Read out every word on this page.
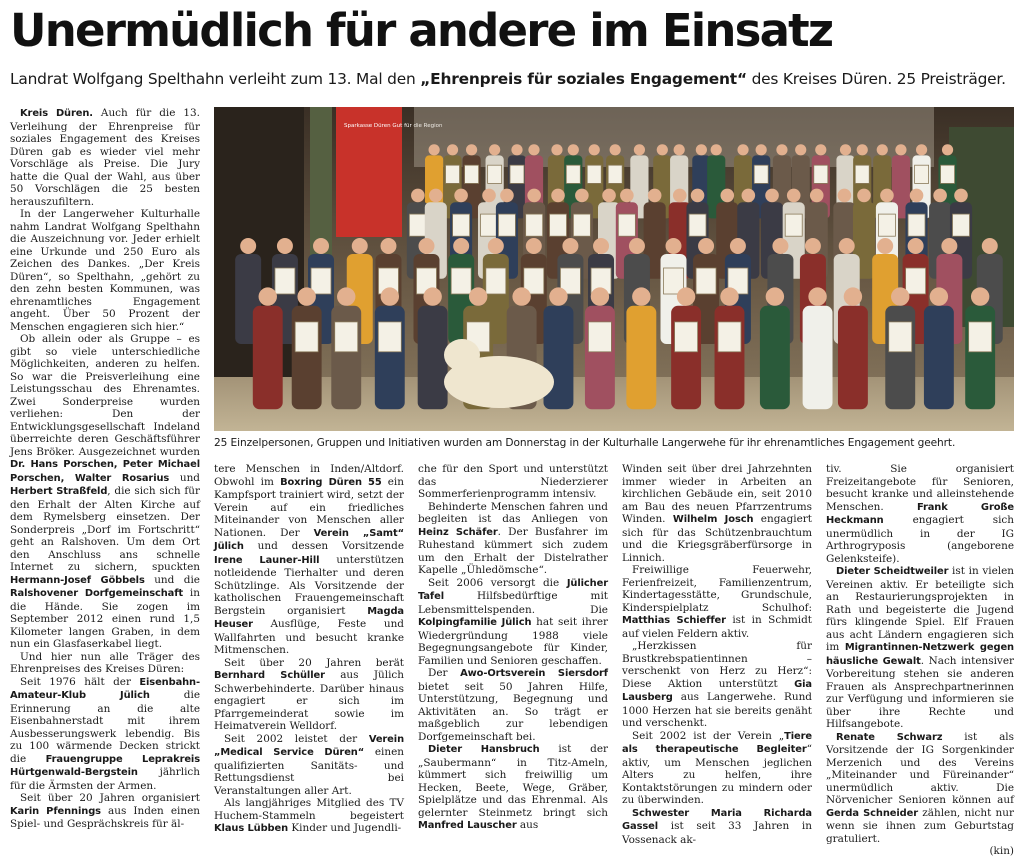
Unermüdlich für andere im Einsatz
Landrat Wolfgang Spelthahn verleiht zum 13. Mal den „Ehrenpreis für soziales Engagement“ des Kreises Düren. 25 Preisträger.
Sparkasse Düren Gut für die Region
25 Einzelpersonen, Gruppen und Initiativen wurden am Donnerstag in der Kulturhalle Langerwehe für ihr ehrenamtliches Engagement geehrt.

Kreis Düren. Auch für die 13. Verleihung der Ehrenpreise für soziales Engagement des Kreises Düren gab es wieder viel mehr Vorschläge als Preise. Die Jury hatte die Qual der Wahl, aus über 50 Vorschlägen die 25 besten herauszufiltern.

In der Langerweher Kulturhalle nahm Landrat Wolfgang Spelthahn die Auszeichnung vor. Jeder erhielt eine Urkunde und 250 Euro als Zeichen des Dankes. „Der Kreis Düren“, so Spelthahn, „gehört zu den zehn besten Kommunen, was ehrenamtliches Engagement angeht. Über 50 Prozent der Menschen engagieren sich hier.“

Ob allein oder als Gruppe – es gibt so viele unterschiedliche Möglichkeiten, anderen zu helfen. So war die Preisverleihung eine Leistungsschau des Ehrenamtes. Zwei Sonderpreise wurden verliehen: Den der Entwicklungsgesellschaft Indeland überreichte deren Geschäftsführer Jens Bröker. Ausgezeichnet wurden Dr. Hans Porschen, Peter Michael Porschen, Walter Rosarius und Herbert Straßfeld, die sich sich für den Erhalt der Alten Kirche auf dem Rymelsberg einsetzen. Der Sonderpreis „Dorf im Fortschritt“ geht an Ralshoven. Um dem Ort den Anschluss ans schnelle Internet zu sichern, spuckten Hermann-Josef Göbbels und die Ralshovener Dorfgemeinschaft in die Hände. Sie zogen im September 2012 einen rund 1,5 Kilometer langen Graben, in dem nun ein Glasfaserkabel liegt.

Und hier nun alle Träger des Ehrenpreises des Kreises Düren:

Seit 1976 hält der Eisenbahn-Amateur-Klub Jülich die Erinnerung an die alte Eisenbahnerstadt mit ihrem Ausbesserungswerk lebendig. Bis zu 100 wärmende Decken strickt die Frauengruppe Leprakreis Hürtgenwald-Bergstein jährlich für die Ärmsten der Armen.

Seit über 20 Jahren organisiert Karin Pfennings aus Inden einen Spiel- und Gesprächskreis für äl-

tere Menschen in Inden/Altdorf. Obwohl im Boxring Düren 55 ein Kampfsport trainiert wird, setzt der Verein auf ein friedliches Miteinander von Menschen aller Nationen. Der Verein „Samt“ Jülich und dessen Vorsitzende Irene Launer-Hill unterstützen notleidende Tierhalter und deren Schützlinge. Als Vorsitzende der katholischen Frauengemeinschaft Bergstein organisiert Magda Heuser Ausflüge, Feste und Wallfahrten und besucht kranke Mitmenschen.

Seit über 20 Jahren berät Bernhard Schüller aus Jülich Schwerbehinderte. Darüber hinaus engagiert er sich im Pfarrgemeinderat sowie im Heimatverein Welldorf.

Seit 2002 leistet der Verein „Medical Service Düren“ einen qualifizierten Sanitäts- und Rettungsdienst bei Veranstaltungen aller Art.

Als langjähriges Mitglied des TV Huchem-Stammeln begeistert Klaus Lübben Kinder und Jugendli-

che für den Sport und unterstützt das Niederzierer Sommerferienprogramm intensiv.

Behinderte Menschen fahren und begleiten ist das Anliegen von Heinz Schäfer. Der Busfahrer im Ruhestand kümmert sich zudem um den Erhalt der Distelrather Kapelle „Ühledömsche“.

Seit 2006 versorgt die Jülicher Tafel Hilfsbedürftige mit Lebensmittelspenden. Die Kolpingfamilie Jülich hat seit ihrer Wiedergründung 1988 viele Begegnungsangebote für Kinder, Familien und Senioren geschaffen.

Der Awo-Ortsverein Siersdorf bietet seit 50 Jahren Hilfe, Unterstützung, Begegnung und Aktivitäten an. So trägt er maßgeblich zur lebendigen Dorfgemeinschaft bei.

Dieter Hansbruch ist der „Saubermann“ in Titz-Ameln, kümmert sich freiwillig um Hecken, Beete, Wege, Gräber, Spielplätze und das Ehrenmal. Als gelernter Steinmetz bringt sich Manfred Lauscher aus

Winden seit über drei Jahrzehnten immer wieder in Arbeiten an kirchlichen Gebäude ein, seit 2010 am Bau des neuen Pfarrzentrums Winden. Wilhelm Josch engagiert sich für das Schützenbrauchtum und die Kriegsgräberfürsorge in Linnich.

Freiwillige Feuerwehr, Ferienfreizeit, Familienzentrum, Kindertagesstätte, Grundschule, Kinderspielplatz Schulhof: Matthias Schieffer ist in Schmidt auf vielen Feldern aktiv.

„Herzkissen für Brustkrebspatientinnen – verschenkt von Herz zu Herz“: Diese Aktion unterstützt Gia Lausberg aus Langerwehe. Rund 1000 Herzen hat sie bereits genäht und verschenkt.

Seit 2002 ist der Verein „Tiere als therapeutische Begleiter“ aktiv, um Menschen jeglichen Alters zu helfen, ihre Kontaktstörungen zu mindern oder zu überwinden.

Schwester Maria Richarda Gassel ist seit 33 Jahren in Vossenack ak-

tiv. Sie organisiert Freizeitangebote für Senioren, besucht kranke und alleinstehende Menschen. Frank Große Heckmann engagiert sich unermüdlich in der IG Arthrogryposis (angeborene Gelenksteife).

Dieter Scheidtweiler ist in vielen Vereinen aktiv. Er beteiligte sich an Restaurierungsprojekten in Rath und begeisterte die Jugend fürs klingende Spiel. Elf Frauen aus acht Ländern engagieren sich im Migrantinnen-Netzwerk gegen häusliche Gewalt. Nach intensiver Vorbereitung stehen sie anderen Frauen als Ansprechpartnerinnen zur Verfügung und informieren sie über ihre Rechte und Hilfsangebote.

Renate Schwarz ist als Vorsitzende der IG Sorgenkinder Merzenich und des Vereins „Miteinander und Füreinander“ unermüdlich aktiv. Die Nörvenicher Senioren können auf Gerda Schneider zählen, nicht nur wenn sie ihnen zum Geburtstag gratuliert.
(kin)
